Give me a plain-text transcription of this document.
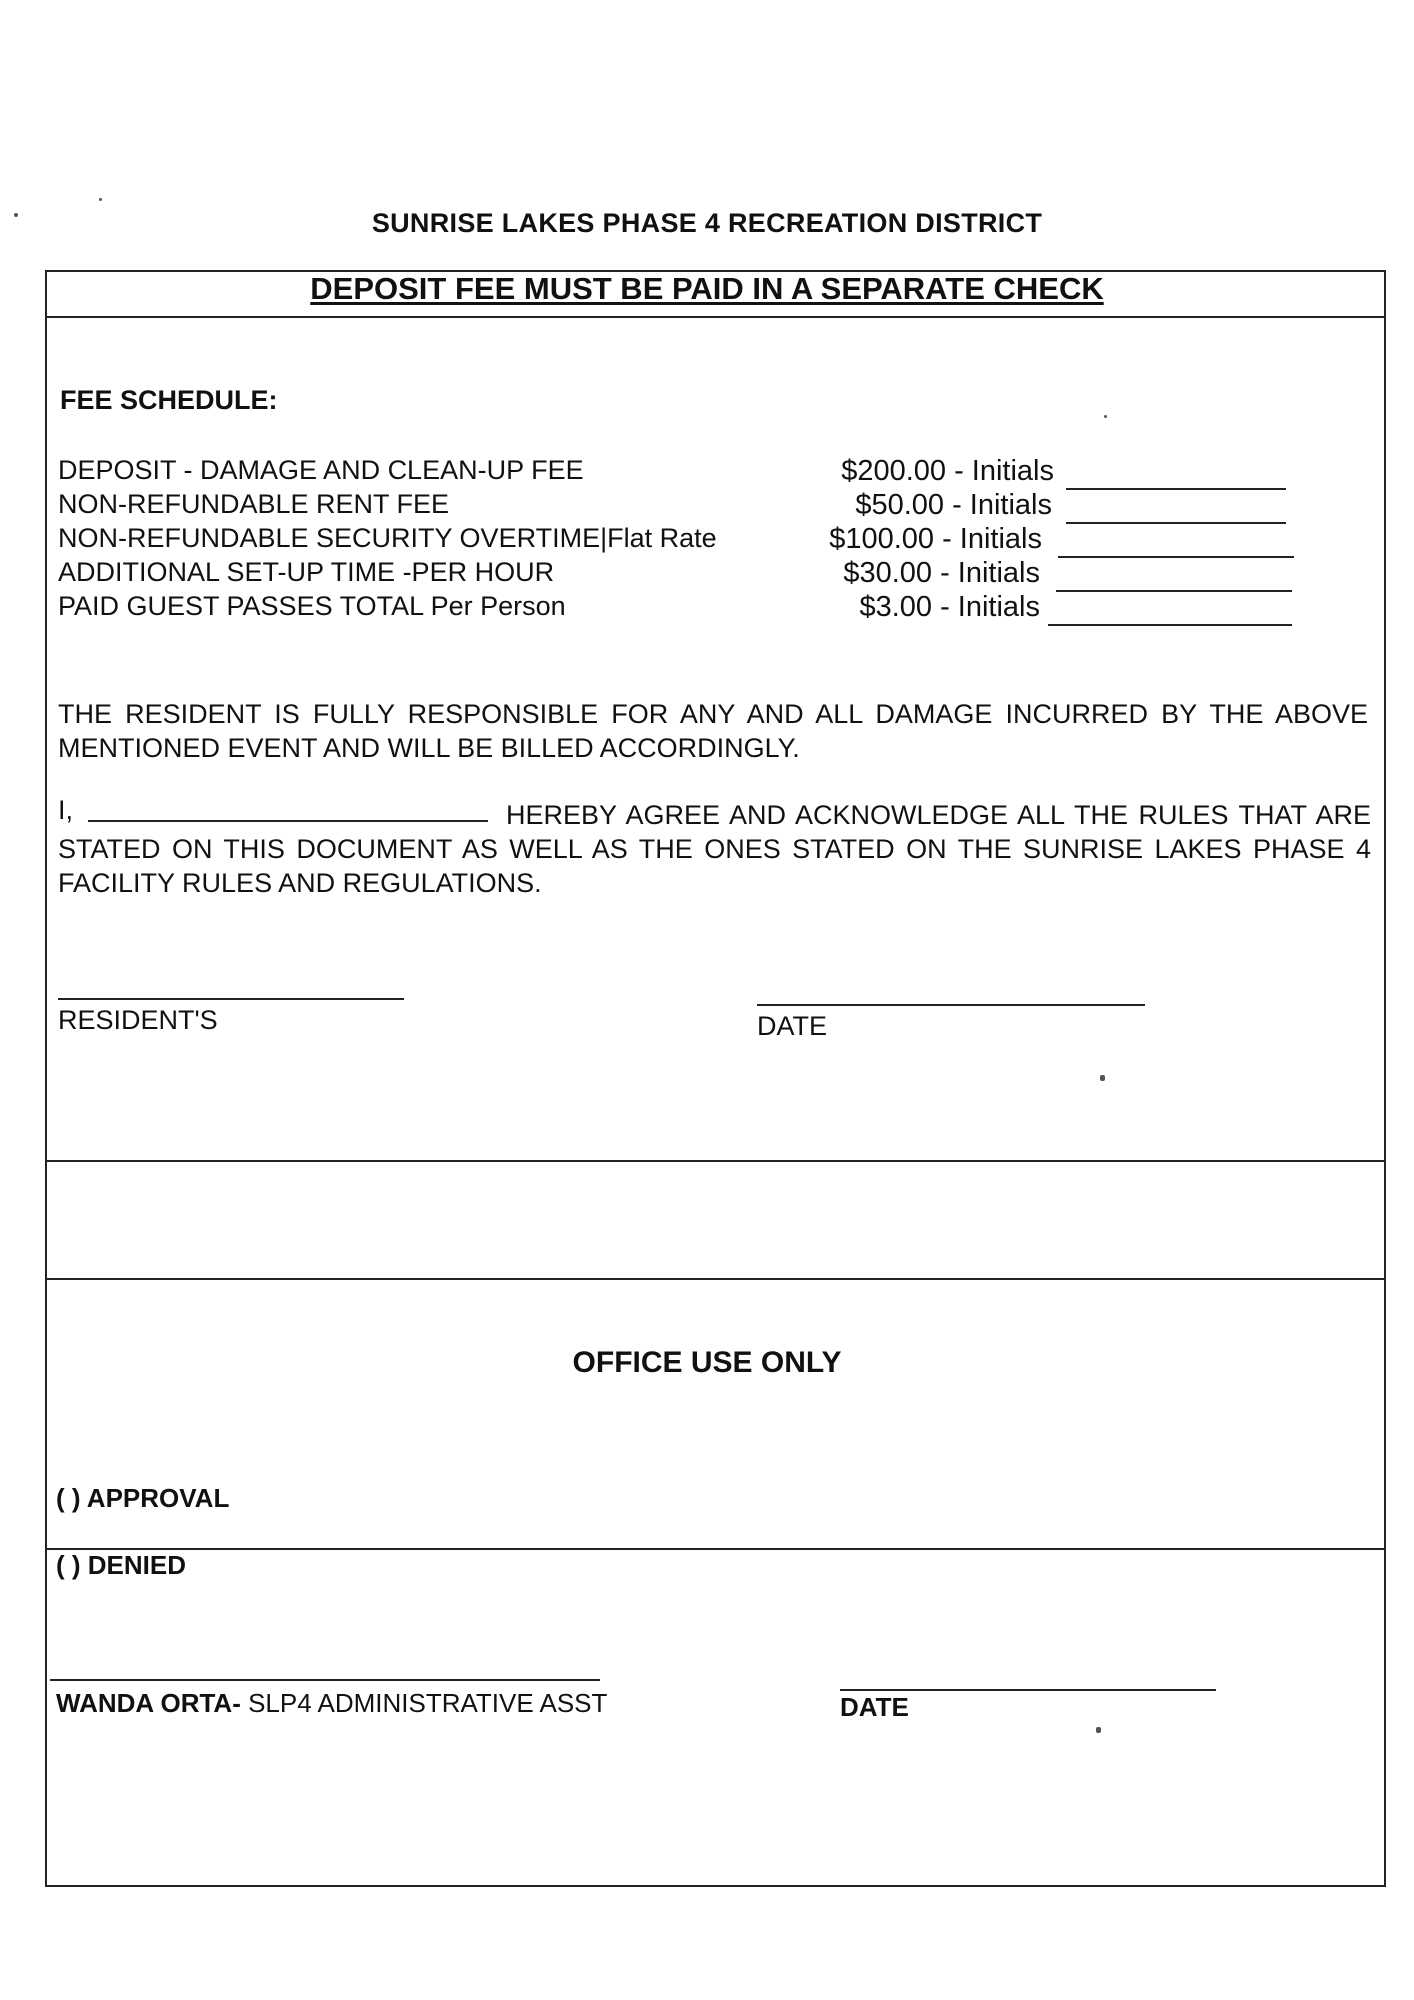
SUNRISE LAKES PHASE 4 RECREATION DISTRICT
DEPOSIT FEE MUST BE PAID IN A SEPARATE CHECK
FEE SCHEDULE:
DEPOSIT - DAMAGE AND CLEAN-UP FEE	$200.00 - Initials
NON-REFUNDABLE RENT FEE	$50.00 - Initials
NON-REFUNDABLE SECURITY OVERTIME|Flat Rate	$100.00 - Initials
ADDITIONAL SET-UP TIME -PER HOUR	$30.00 - Initials
PAID GUEST PASSES TOTAL Per Person	$3.00 - Initials
THE RESIDENT IS FULLY RESPONSIBLE FOR ANY AND ALL DAMAGE INCURRED BY THE ABOVE MENTIONED EVENT AND WILL BE BILLED ACCORDINGLY.
I,	HEREBY AGREE AND ACKNOWLEDGE ALL THE RULES THAT ARE
STATED ON THIS DOCUMENT AS WELL AS THE ONES STATED ON THE SUNRISE LAKES PHASE 4
FACILITY RULES AND REGULATIONS.
RESIDENT'S	DATE
OFFICE USE ONLY
( ) APPROVAL
( ) DENIED
WANDA ORTA- SLP4 ADMINISTRATIVE ASST	DATE
